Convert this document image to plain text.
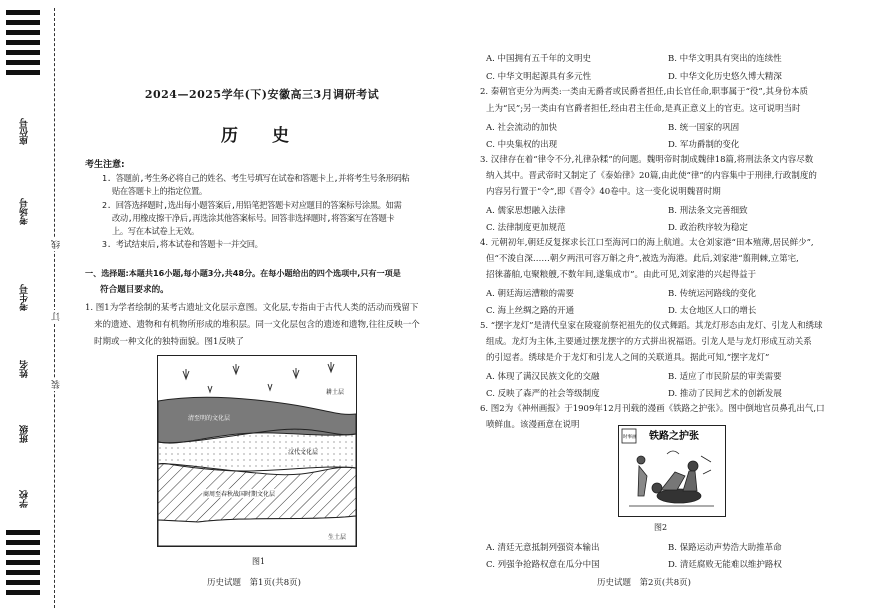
座位号
考场号
考生号
姓名
班级
学校
线
订
装
2024—2025学年(下)安徽高三3月调研考试
历 史
考生注意:
1. 答题前,考生务必将自己的姓名、考生号填写在试卷和答题卡上,并将考生号条形码粘
贴在答题卡上的指定位置。
2. 回答选择题时,选出每小题答案后,用铅笔把答题卡对应题目的答案标号涂黑。如需
改动,用橡皮擦干净后,再选涂其他答案标号。回答非选择题时,将答案写在答题卡
上。写在本试卷上无效。
3. 考试结束后,将本试卷和答题卡一并交回。
一、选择题:本题共16小题,每小题3分,共48分。在每小题给出的四个选项中,只有一项是
符合题目要求的。
1. 图1为学者绘制的某考古遗址文化层示意图。文化层,专指由于古代人类的活动而残留下
来的遗迹、遗物和有机物所形成的堆积层。同一文化层包含的遗迹和遗物,往往反映一个
时期或一种文化的独特面貌。图1反映了
耕土层
清至明的文化层
汉代文化层
商周至春秋战国时期文化层
生土层
图1
历史试题　第1页(共8页)
A. 中国拥有五千年的文明史	B. 中华文明具有突出的连续性
C. 中华文明起源具有多元性	D. 中华文化历史悠久博大精深
2. 秦朝官吏分为两类:一类由无爵者或民爵者担任,由长官任命,职事属于“役”,其身份本质
上为“民”;另一类由有官爵者担任,经由君主任命,是真正意义上的官吏。这可说明当时
A. 社会流动的加快	B. 统一国家的巩固
C. 中央集权的出现	D. 军功爵制的变化
3. 汉律存在着“律令不分,礼律杂糅”的问题。魏明帝时制成魏律18篇,将刑法条文内容尽数
纳入其中。晋武帝时又制定了《泰始律》20篇,由此使“律”的内容集中于刑律,行政制度的
内容另行置于“令”,即《晋令》40卷中。这一变化说明魏晋时期
A. 儒家思想融入法律	B. 刑法条文完善细致
C. 法律制度更加规范	D. 政治秩序较为稳定
4. 元朝初年,朝廷反复探求长江口至海河口的海上航道。太仓刘家港“田本殖薄,居民鲜少”,
但“不浚自深……朝夕两汛可容万斛之舟”,被选为海港。此后,刘家港“翦荆棘,立第宅,
招徕蕃舶,屯聚粮艘,不数年间,遂集成市”。由此可见,刘家港的兴起得益于
A. 朝廷海运漕粮的需要	B. 传统运河路线的变化
C. 海上丝绸之路的开通	D. 太仓地区人口的增长
5. “摆字龙灯”是清代皇家在陵寝前祭祀祖先的仪式舞蹈。其龙灯形态由龙灯、引龙人和绣球
组成。龙灯为主体,主要通过摆龙摆字的方式拼出祝福语。引龙人是与龙灯形成互动关系
的引逗者。绣球是介于龙灯和引龙人之间的关联道具。据此可知,“摆字龙灯”
A. 体现了满汉民族文化的交融	B. 适应了市民阶层的审美需要
C. 反映了森严的社会等级制度	D. 推动了民间艺术的创新发展
6. 图2为《神州画报》于1909年12月刊载的漫画《铁路之护张》。图中倒地官员鼻孔出气,口
喷鲜血。该漫画意在说明
时事画 铁路之护张
图2
A. 清廷无意抵制列强资本输出	B. 保路运动声势浩大助推革命
C. 列强争抢路权意在瓜分中国	D. 清廷腐败无能难以维护路权
历史试题　第2页(共8页)
